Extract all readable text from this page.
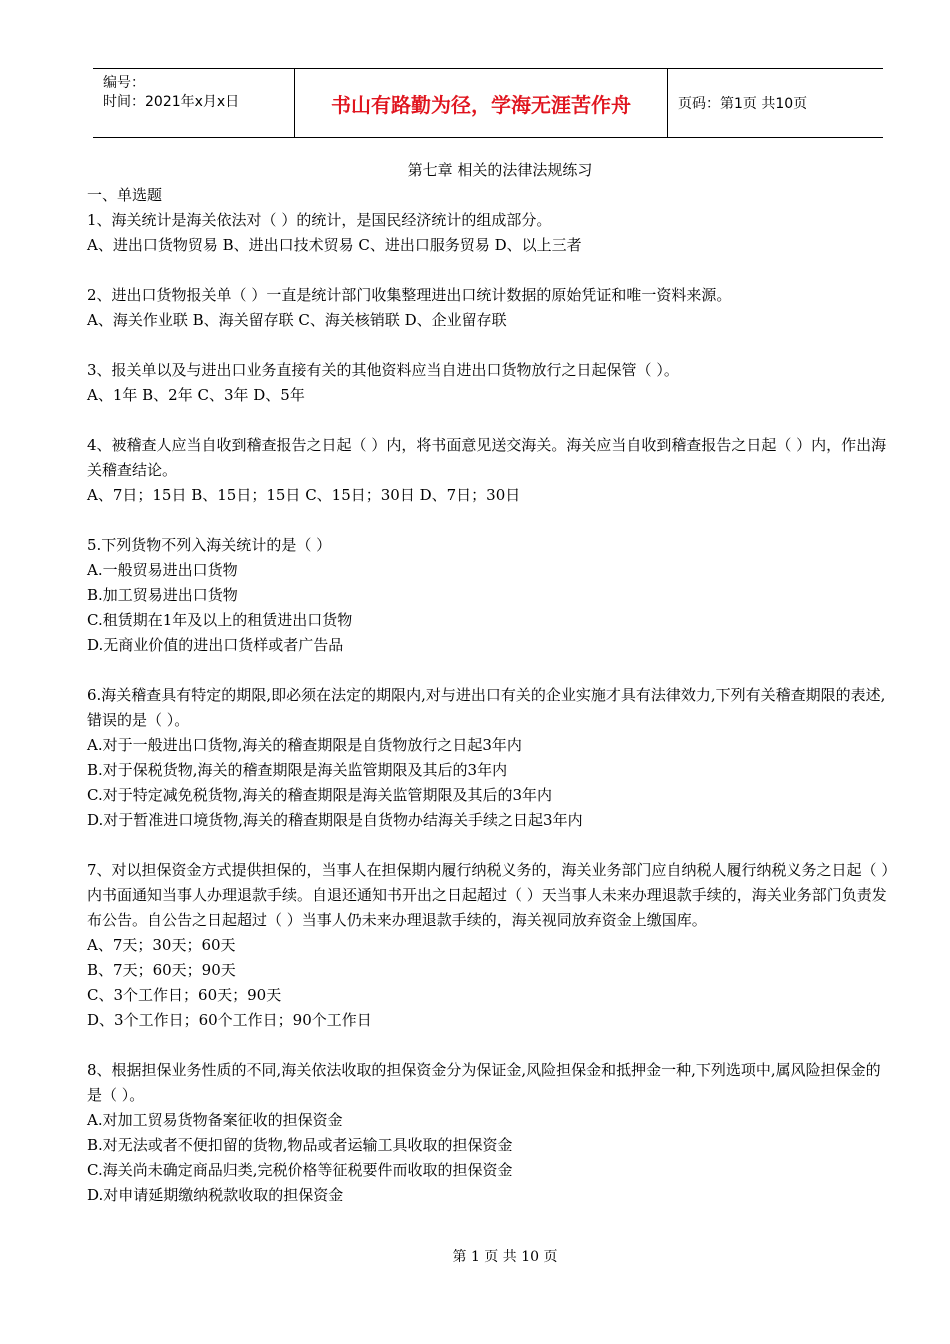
编号：
时间：2021年x月x日	书山有路勤为径，学海无涯苦作舟	页码：第1页 共10页
第七章 相关的法律法规练习
一、单选题
1、海关统计是海关依法对（ ）的统计，是国民经济统计的组成部分。
A、进出口货物贸易 B、进出口技术贸易 C、进出口服务贸易 D、以上三者
2、进出口货物报关单（ ）一直是统计部门收集整理进出口统计数据的原始凭证和唯一资料来源。
A、海关作业联 B、海关留存联 C、海关核销联 D、企业留存联
3、报关单以及与进出口业务直接有关的其他资料应当自进出口货物放行之日起保管（ ）。
A、1年 B、2年 C、3年 D、5年
4、被稽查人应当自收到稽查报告之日起（ ）内，将书面意见送交海关。海关应当自收到稽查报告之日起（ ）内，作出海关稽查结论。
A、7日；15日 B、15日；15日 C、15日；30日 D、7日；30日
5.下列货物不列入海关统计的是（ ）
A.一般贸易进出口货物
B.加工贸易进出口货物
C.租赁期在1年及以上的租赁进出口货物
D.无商业价值的进出口货样或者广告品
6.海关稽查具有特定的期限,即必须在法定的期限内,对与进出口有关的企业实施才具有法律效力,下列有关稽查期限的表述,错误的是（ ）。
A.对于一般进出口货物,海关的稽查期限是自货物放行之日起3年内
B.对于保税货物,海关的稽查期限是海关监管期限及其后的3年内
C.对于特定减免税货物,海关的稽查期限是海关监管期限及其后的3年内
D.对于暂准进口境货物,海关的稽查期限是自货物办结海关手续之日起3年内
7、对以担保资金方式提供担保的，当事人在担保期内履行纳税义务的，海关业务部门应自纳税人履行纳税义务之日起（ ）内书面通知当事人办理退款手续。自退还通知书开出之日起超过（ ）天当事人未来办理退款手续的，海关业务部门负责发布公告。自公告之日起超过（ ）当事人仍未来办理退款手续的，海关视同放弃资金上缴国库。
A、7天；30天；60天
B、7天；60天；90天
C、3个工作日；60天；90天
D、3个工作日；60个工作日；90个工作日
8、根据担保业务性质的不同,海关依法收取的担保资金分为保证金,风险担保金和抵押金一种,下列选项中,属风险担保金的是（ ）。
A.对加工贸易货物备案征收的担保资金
B.对无法或者不便扣留的货物,物品或者运输工具收取的担保资金
C.海关尚未确定商品归类,完税价格等征税要件而收取的担保资金
D.对申请延期缴纳税款收取的担保资金
第 1 页 共 10 页
